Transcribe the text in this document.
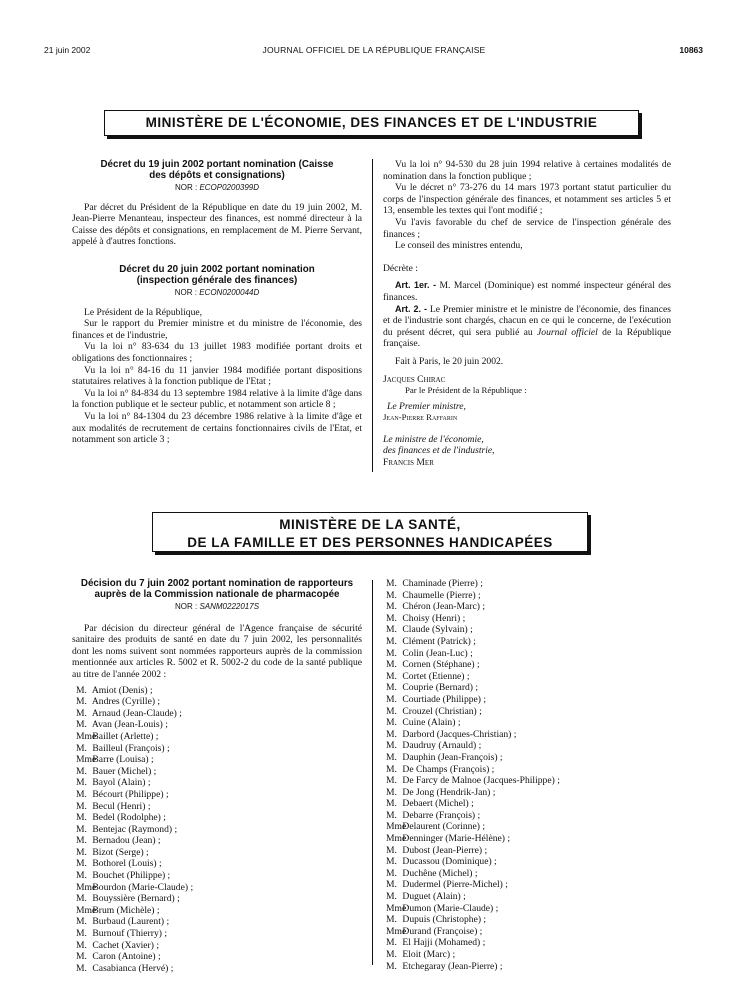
21 juin 2002	JOURNAL OFFICIEL DE LA RÉPUBLIQUE FRANÇAISE	10863
MINISTÈRE DE L'ÉCONOMIE, DES FINANCES ET DE L'INDUSTRIE
Décret du 19 juin 2002 portant nomination (Caisse des dépôts et consignations)
NOR : ECOP0200399D

Par décret du Président de la République en date du 19 juin 2002, M. Jean-Pierre Menanteau, inspecteur des finances, est nommé directeur à la Caisse des dépôts et consignations, en remplacement de M. Pierre Servant, appelé à d'autres fonctions.

Décret du 20 juin 2002 portant nomination (inspection générale des finances)
NOR : ECON0200044D

Le Président de la République,

Sur le rapport du Premier ministre et du ministre de l'économie, des finances et de l'industrie,

Vu la loi n° 83-634 du 13 juillet 1983 modifiée portant droits et obligations des fonctionnaires ;

Vu la loi n° 84-16 du 11 janvier 1984 modifiée portant dispositions statutaires relatives à la fonction publique de l'Etat ;

Vu la loi n° 84-834 du 13 septembre 1984 relative à la limite d'âge dans la fonction publique et le secteur public, et notamment son article 8 ;

Vu la loi n° 84-1304 du 23 décembre 1986 relative à la limite d'âge et aux modalités de recrutement de certains fonctionnaires civils de l'Etat, et notamment son article 3 ;

Vu la loi n° 94-530 du 28 juin 1994 relative à certaines modalités de nomination dans la fonction publique ;

Vu le décret n° 73-276 du 14 mars 1973 portant statut particulier du corps de l'inspection générale des finances, et notamment ses articles 5 et 13, ensemble les textes qui l'ont modifié ;

Vu l'avis favorable du chef de service de l'inspection générale des finances ;

Le conseil des ministres entendu,

Décrète :

Art. 1er. - M. Marcel (Dominique) est nommé inspecteur général des finances.

Art. 2. - Le Premier ministre et le ministre de l'économie, des finances et de l'industrie sont chargés, chacun en ce qui le concerne, de l'exécution du présent décret, qui sera publié au Journal officiel de la République française.

Fait à Paris, le 20 juin 2002.

Jacques Chirac

Par le Président de la République :

Le Premier ministre,

Jean-Pierre Raffarin

Le ministre de l'économie,

des finances et de l'industrie,

Francis Mer

MINISTÈRE DE LA SANTÉ,
DE LA FAMILLE ET DES PERSONNES HANDICAPÉES
Décision du 7 juin 2002 portant nomination de rapporteurs auprès de la Commission nationale de pharmacopée
NOR : SANM0222017S

Par décision du directeur général de l'Agence française de sécurité sanitaire des produits de santé en date du 7 juin 2002, les personnalités dont les noms suivent sont nommées rapporteurs auprès de la commission mentionnée aux articles R. 5002 et R. 5002-2 du code de la santé publique au titre de l'année 2002 :

M. Amiot (Denis) ;
M. Andres (Cyrille) ;
M. Arnaud (Jean-Claude) ;
M. Avan (Jean-Louis) ;
Mme Baillet (Arlette) ;
M. Bailleul (François) ;
Mme Barre (Louisa) ;
M. Bauer (Michel) ;
M. Bayol (Alain) ;
M. Bécourt (Philippe) ;
M. Becul (Henri) ;
M. Bedel (Rodolphe) ;
M. Bentejac (Raymond) ;
M. Bernadou (Jean) ;
M. Bizot (Serge) ;
M. Bothorel (Louis) ;
M. Bouchet (Philippe) ;
Mme Bourdon (Marie-Claude) ;
M. Bouyssière (Bernard) ;
Mme Brum (Michèle) ;
M. Burbaud (Laurent) ;
M. Burnouf (Thierry) ;
M. Cachet (Xavier) ;
M. Caron (Antoine) ;
M. Casabianca (Hervé) ;
M. Chaminade (Pierre) ;
M. Chaumelle (Pierre) ;
M. Chéron (Jean-Marc) ;
M. Choisy (Henri) ;
M. Claude (Sylvain) ;
M. Clément (Patrick) ;
M. Colin (Jean-Luc) ;
M. Cornen (Stéphane) ;
M. Cortet (Etienne) ;
M. Couprie (Bernard) ;
M. Courtiade (Philippe) ;
M. Crouzel (Christian) ;
M. Cuine (Alain) ;
M. Darbord (Jacques-Christian) ;
M. Daudruy (Arnauld) ;
M. Dauphin (Jean-François) ;
M. De Champs (François) ;
M. De Farcy de Malnoe (Jacques-Philippe) ;
M. De Jong (Hendrik-Jan) ;
M. Debaert (Michel) ;
M. Debarre (François) ;
Mme Delaurent (Corinne) ;
Mme Denninger (Marie-Hélène) ;
M. Dubost (Jean-Pierre) ;
M. Ducassou (Dominique) ;
M. Duchêne (Michel) ;
M. Dudermel (Pierre-Michel) ;
M. Duguet (Alain) ;
Mme Dumon (Marie-Claude) ;
M. Dupuis (Christophe) ;
Mme Durand (Françoise) ;
M. El Hajji (Mohamed) ;
M. Eloit (Marc) ;
M. Etchegaray (Jean-Pierre) ;
